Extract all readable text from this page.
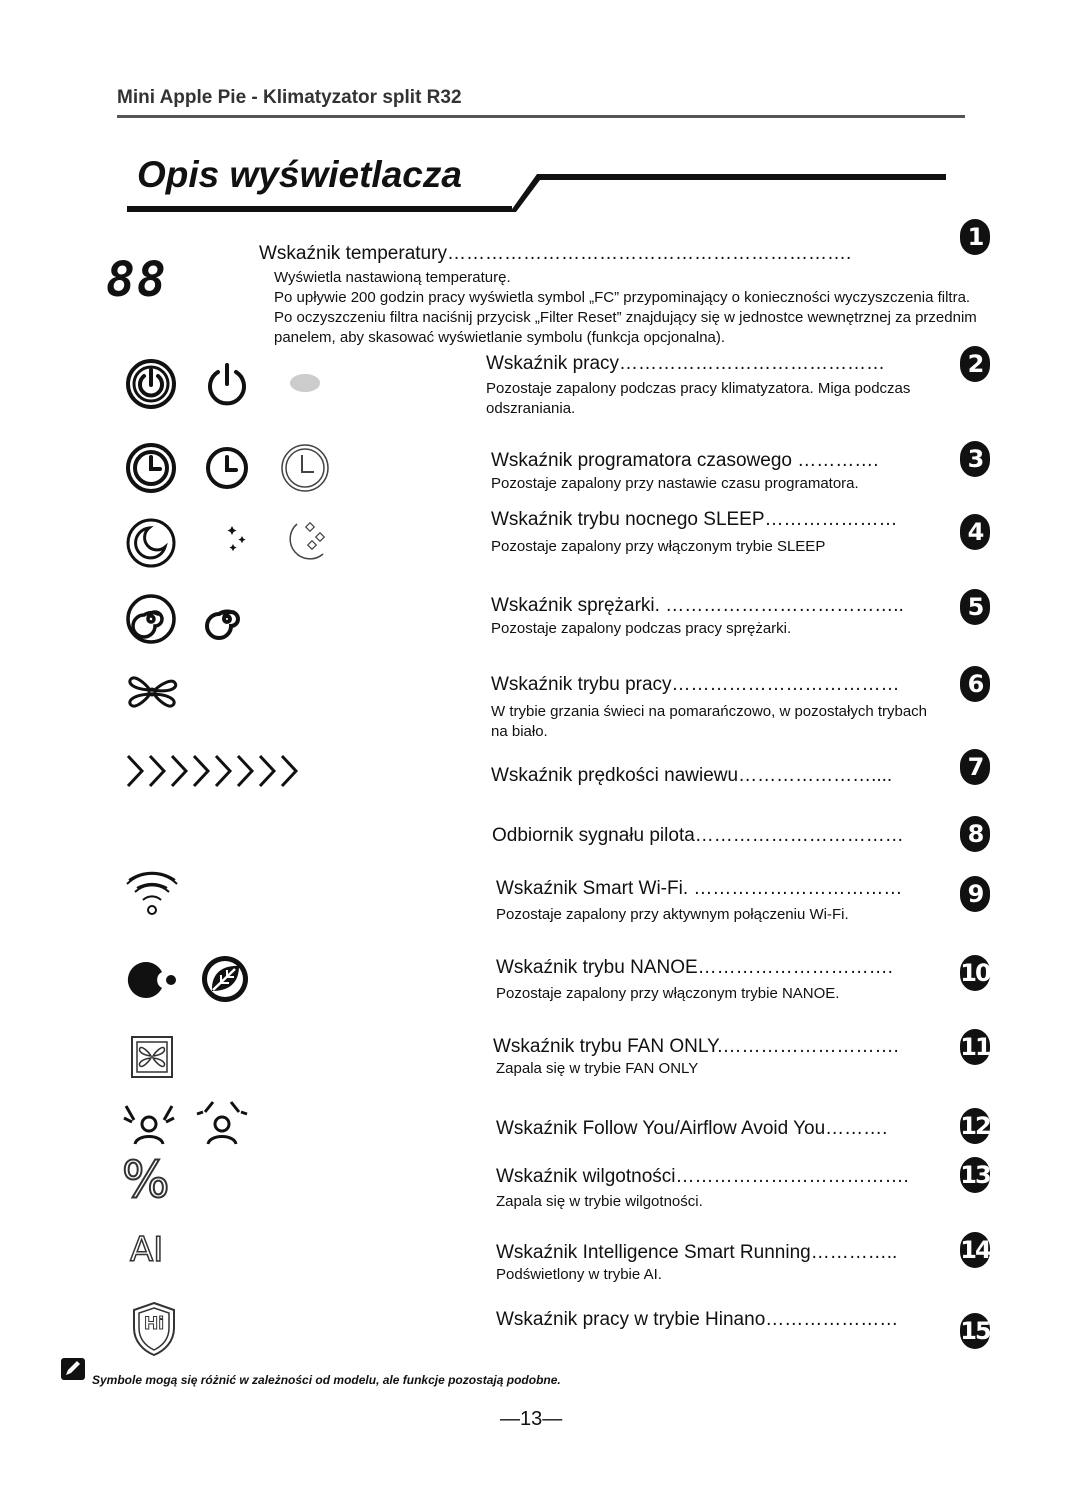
Mini Apple Pie - Klimatyzator split R32
Opis wyświetlacza
88	Wskaźnik temperatury……………………………………………………….
Wyświetla nastawioną temperaturę.
Po upływie 200 godzin pracy wyświetla symbol „FC” przypominający o konieczności wyczyszczenia filtra. Po oczyszczeniu filtra naciśnij przycisk „Filter Reset” znajdujący się w jednostce wewnętrznej za przednim panelem, aby skasować wyświetlanie symbolu (funkcja opcjonalna).
1
Wskaźnik pracy……………………………………
Pozostaje zapalony podczas pracy klimatyzatora. Miga podczas odszraniania.
2
Wskaźnik programatora czasowego ………….
Pozostaje zapalony przy nastawie czasu programatora.
3
Wskaźnik trybu nocnego SLEEP…………………
Pozostaje zapalony przy włączonym trybie SLEEP
4
Wskaźnik sprężarki. ………………………………..
Pozostaje zapalony podczas pracy sprężarki.
5
Wskaźnik trybu pracy………………………………
W trybie grzania świeci na pomarańczowo, w pozostałych trybach na biało.
6
Wskaźnik prędkości nawiewu…………………....	7
Odbiornik sygnału pilota……………………………	8
Wskaźnik Smart Wi-Fi. ……………………………
Pozostaje zapalony przy aktywnym połączeniu Wi-Fi.
9
Wskaźnik trybu NANOE………………………….
Pozostaje zapalony przy włączonym trybie NANOE.
10
Wskaźnik trybu FAN ONLY.……………………….
Zapala się w trybie FAN ONLY
11
Wskaźnik Follow You/Airflow Avoid You……….	12
%	Wskaźnik wilgotności……………………………….
Zapala się w trybie wilgotności.
13
AI	Wskaźnik Intelligence Smart Running…………..
Podświetlony w trybie AI.
14
Hi	Wskaźnik pracy w trybie Hinano…………………	15
Symbole mogą się różnić w zależności od modelu, ale funkcje pozostają podobne.
—13—
